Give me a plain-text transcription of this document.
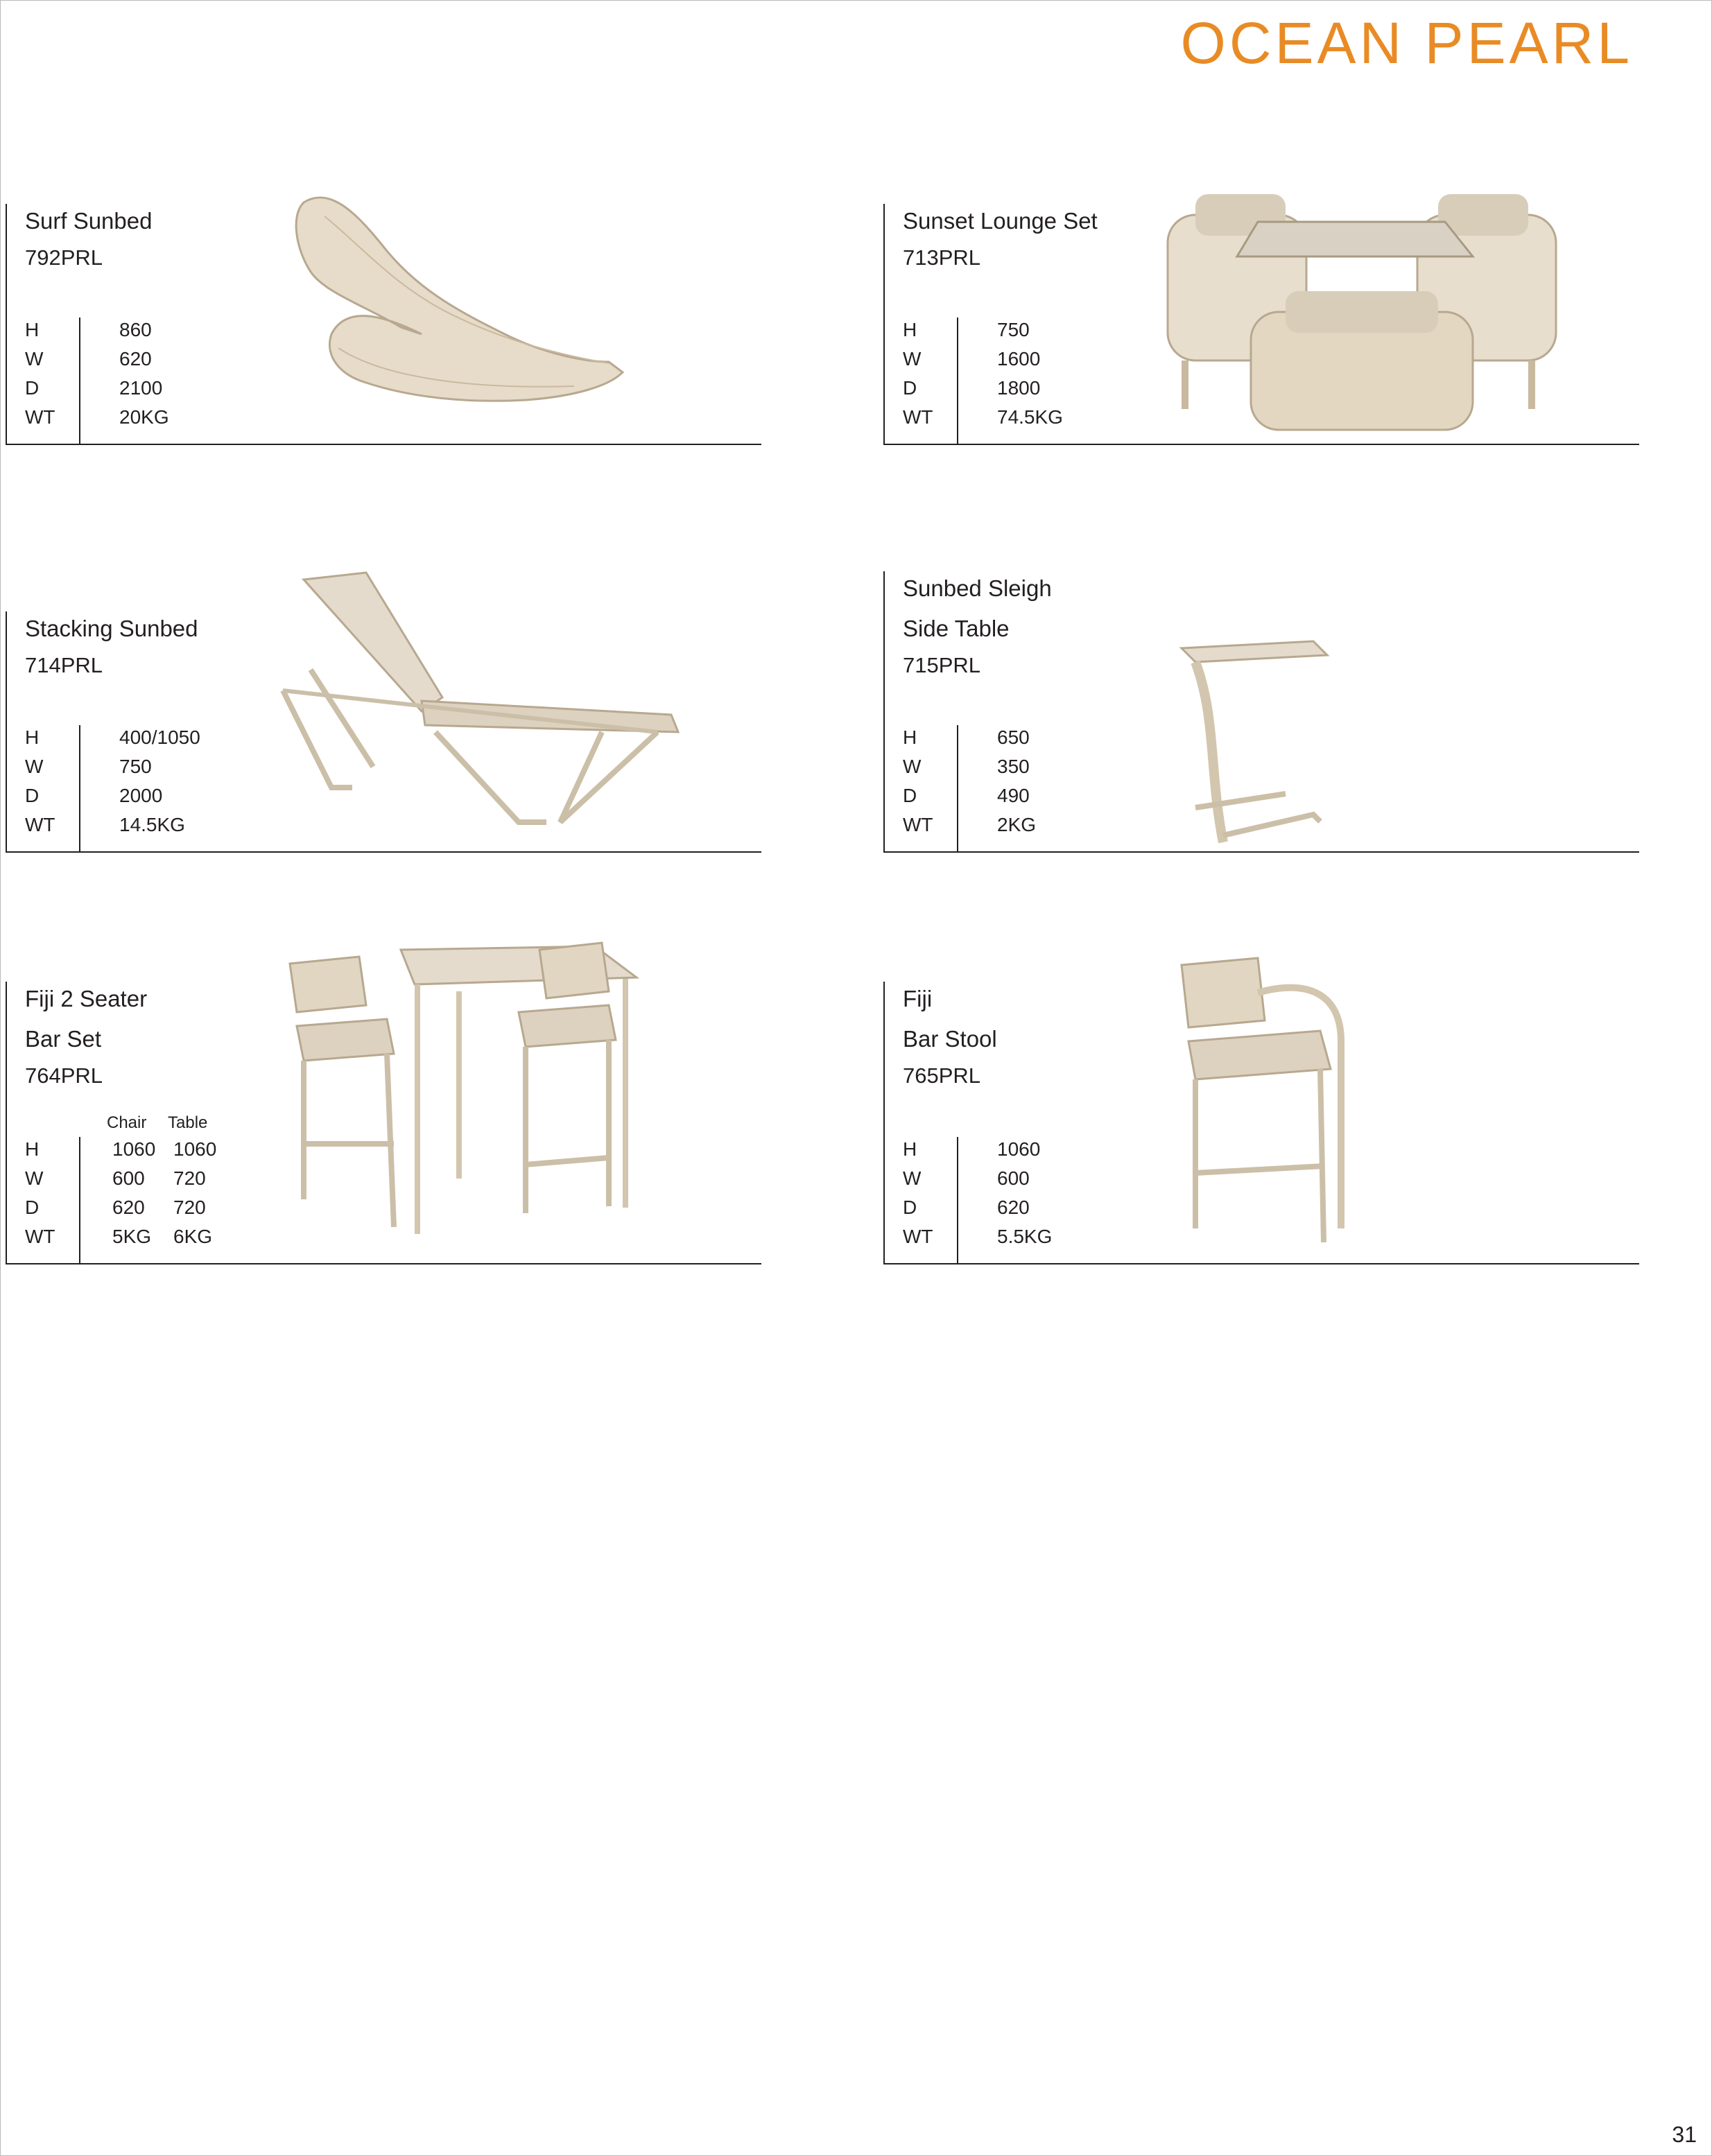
OCEAN PEARL
Surf Sunbed
792PRL
H	860
W	620
D	2100
WT	20KG
Sunset Lounge Set
713PRL
H	750
W	1600
D	1800
WT	74.5KG
Stacking Sunbed
714PRL
H	400/1050
W	750
D	2000
WT	14.5KG
Sunbed Sleigh
Side Table
715PRL
H	650
W	350
D	490
WT	2KG
Fiji 2 Seater
Bar Set
764PRL
Chair Table
H	1060 1060
W	600 720
D	620 720
WT	5KG 6KG
Fiji
Bar Stool
765PRL
H	1060
W	600
D	620
WT	5.5KG
31
